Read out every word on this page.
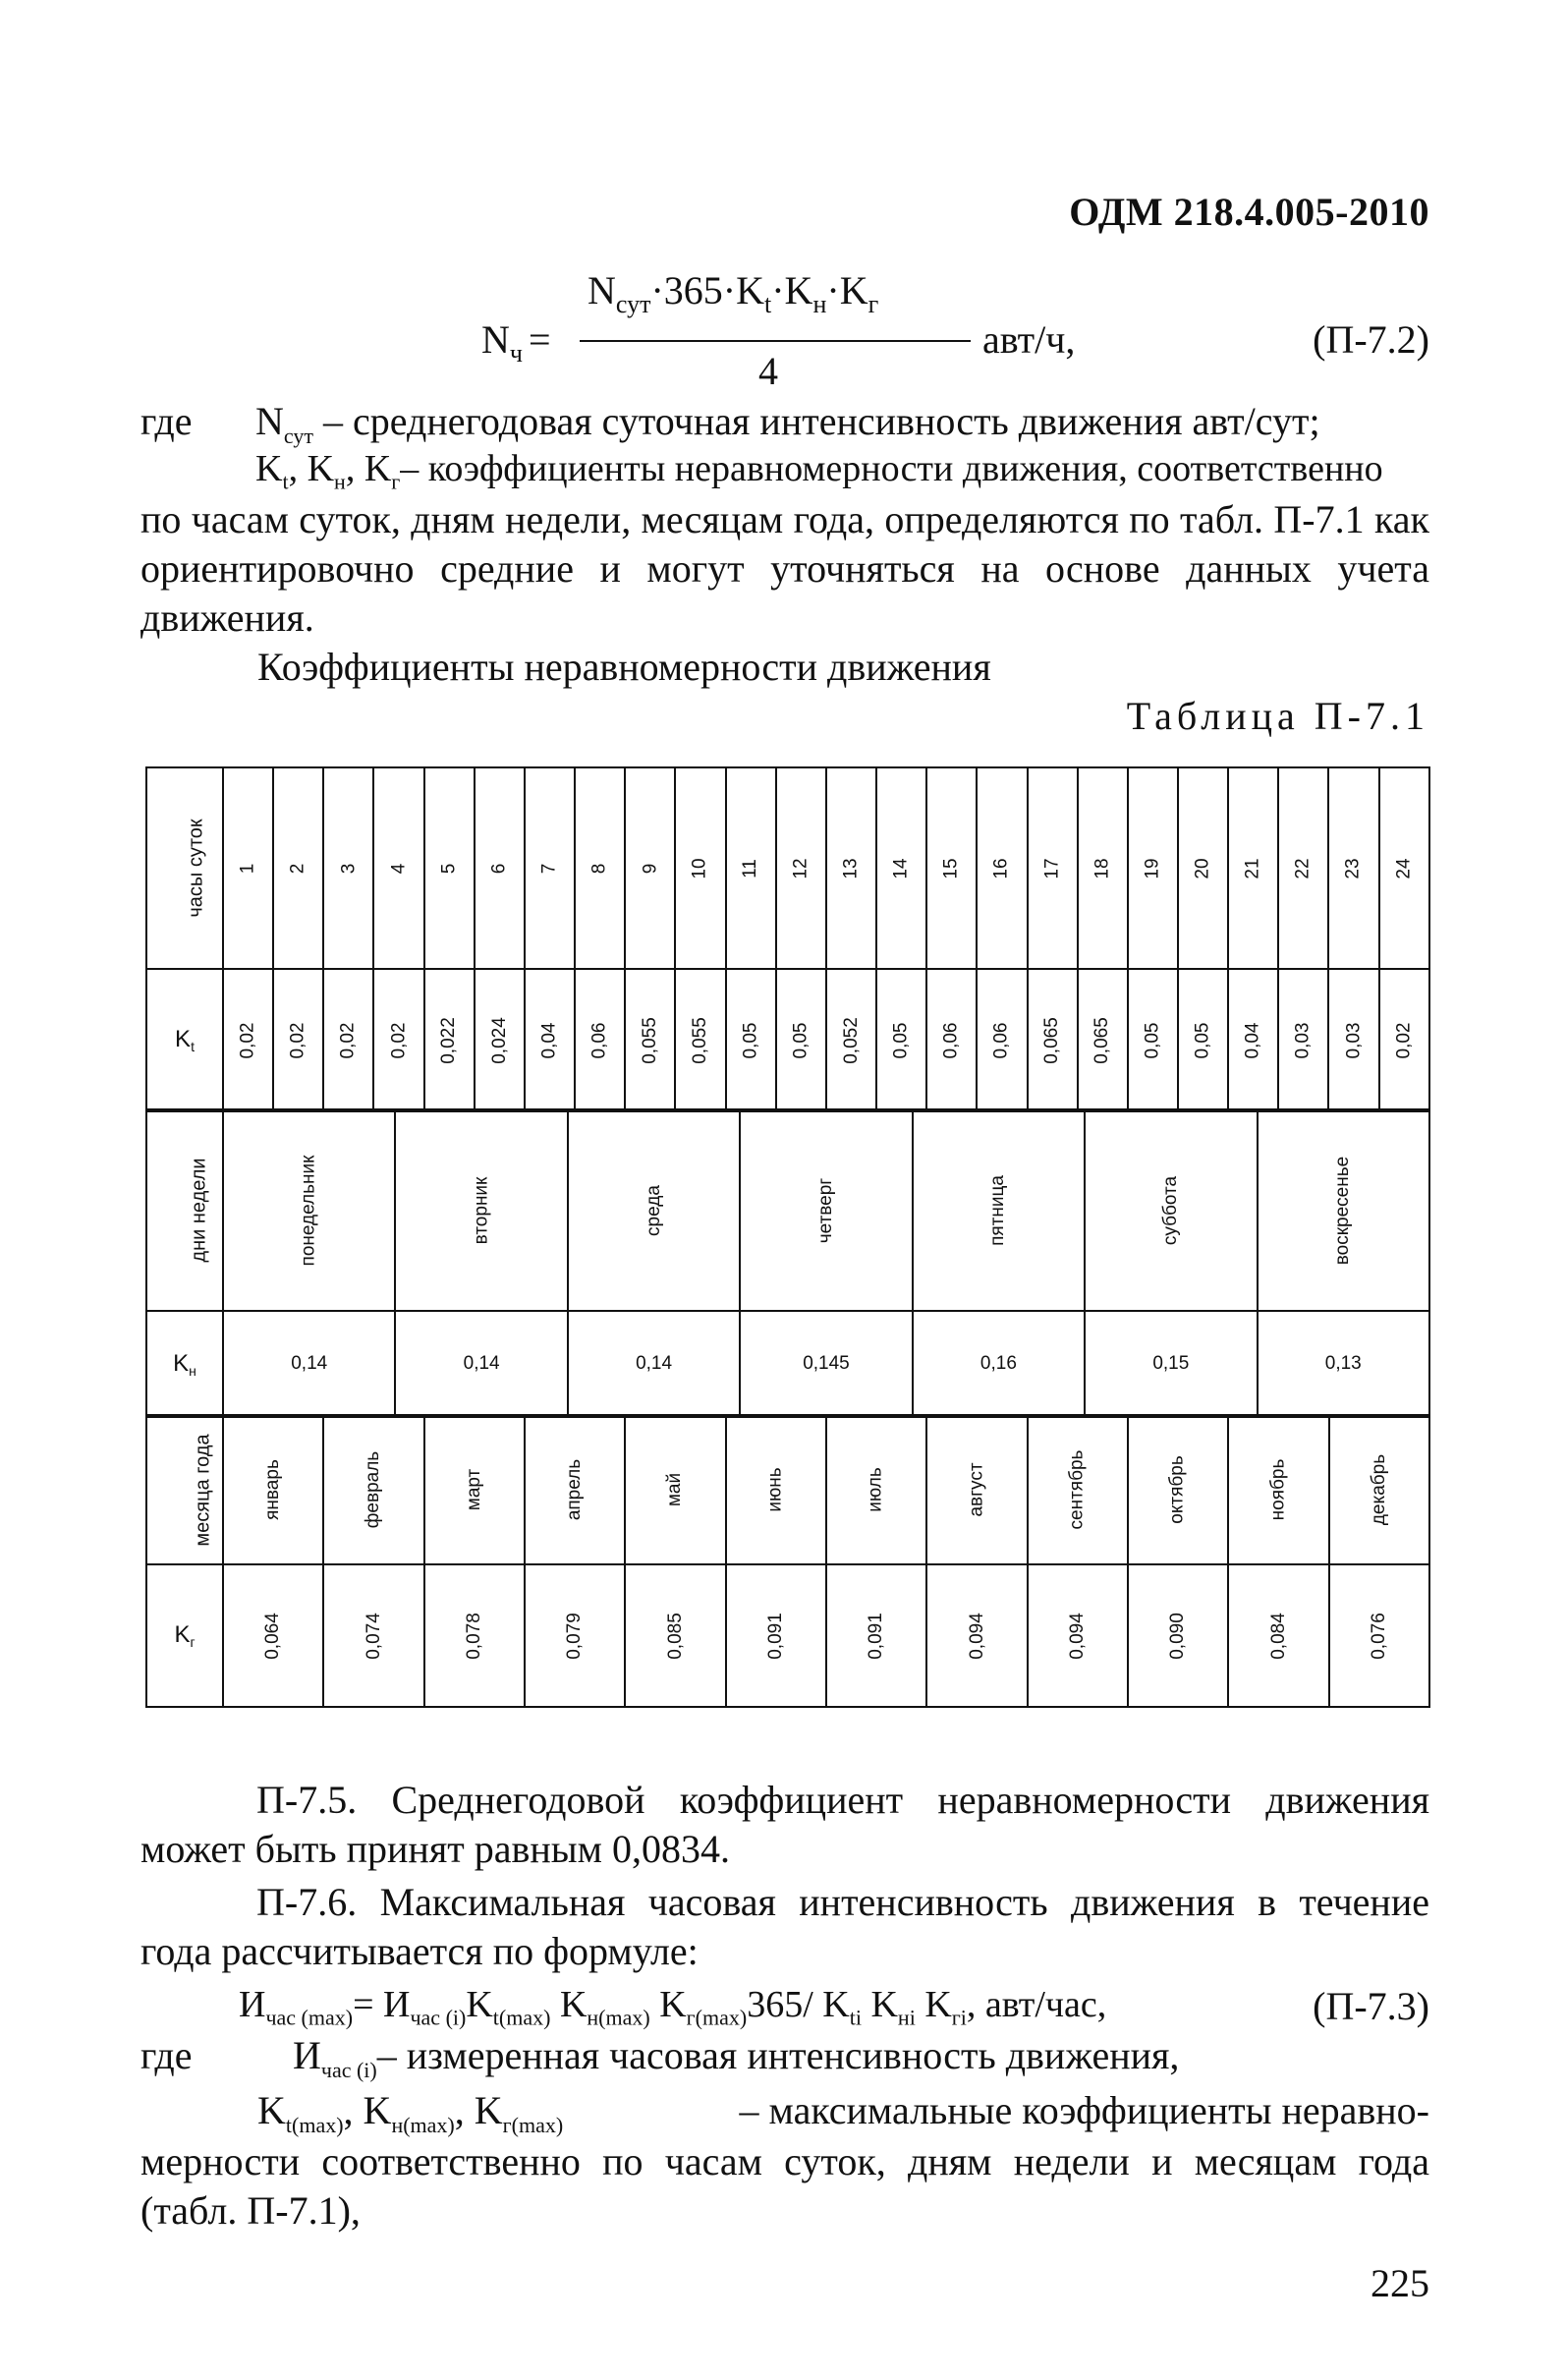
ОДМ 218.4.005-2010
$N_ч$ =
$N_{сут}\cdot 365\cdot K_t\cdot K_н\cdot K_г$
4
авт/ч,	(П-7.2)
где $N_{сут}$ – среднегодовая суточная интенсивность движения авт/сут;
$K_t$, $K_н$, $K_г-$ коэффициенты неравномерности движения, соответственно
по часам суток, дням недели, месяцам года, определяются по табл. П-7.1 как
ориентировочно средние и могут уточняться на основе данных учета
движения.
Коэффициенты неравномерности движения
Таблица П-7.1
часы суток	1	2	3	4	5	6	7	8	9	10	11	12	13	14	15	16	17	18	19	20	21	22	23	24
$K_t$	0,02	0,02	0,02	0,02	0,022	0,024	0,04	0,06	0,055	0,055	0,05	0,05	0,052	0,05	0,06	0,06	0,065	0,065	0,05	0,05	0,04	0,03	0,03	0,02
дни недели	понедельник	вторник	среда	четверг	пятница	суббота	воскресенье
$K_н$	0,14	0,14	0,14	0,145	0,16	0,15	0,13
месяца года	январь	февраль	март	апрель	май	июнь	июль	август	сентябрь	октябрь	ноябрь	декабрь
$K_г$	0,064	0,074	0,078	0,079	0,085	0,091	0,091	0,094	0,094	0,090	0,084	0,076
П-7.5. Среднегодовой коэффициент неравномерности движения
может быть принят равным 0,0834.
П-7.6. Максимальная часовая интенсивность движения в течение
года рассчитывается по формуле:
$И_{час (max)}= И_{час (i)}K_{t(max)}$ $K_{н(max)}$ $K_{г(max)}365/$ $K_{ti}$ $K_{нi}$ $K_{гi}$, авт/час,	(П-7.3)
где	$И_{час (i)}-$ измеренная часовая интенсивность движения,
$K_{t(max)}$, $K_{н(max)}$, $K_{г(max)}$	– максимальные коэффициенты неравно-
мерности соответственно по часам суток, дням недели и месяцам года
(табл. П-7.1),
225
